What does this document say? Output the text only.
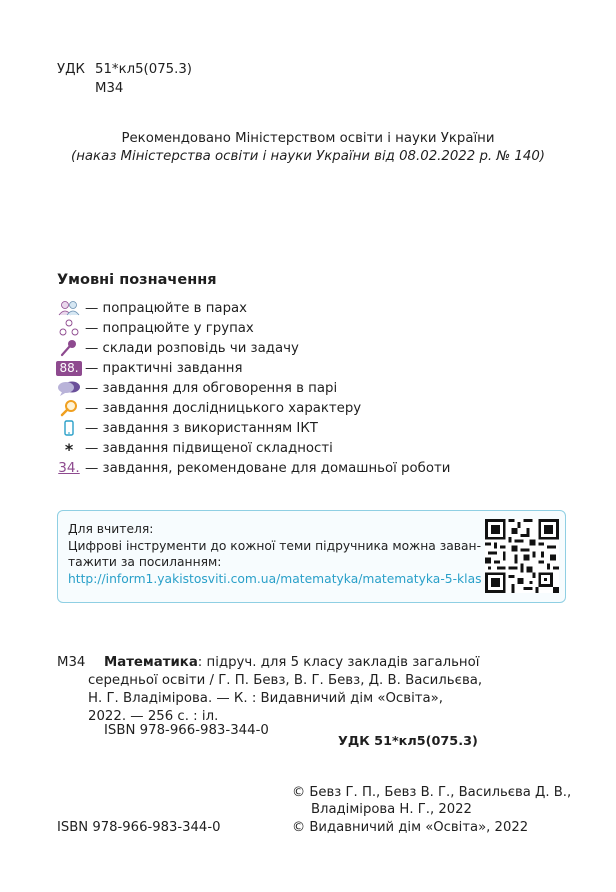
УДК 51*кл5(075.3)
М34
Рекомендовано Міністерством освіти і науки України
(наказ Міністерства освіти і науки України від 08.02.2022 р. № 140)
Умовні позначення
— попрацюйте в парах
— попрацюйте у групах
— склади розповідь чи задачу
88. — практичні завдання
— завдання для обговорення в парі
— завдання дослідницького характеру
— завдання з використанням ІКТ
* — завдання підвищеної складності
34. — завдання, рекомендоване для домашньої роботи
Для вчителя:
Цифрові інструменти до кожної теми підручника можна заван-
тажити за посиланням:
http://inform1.yakistosviti.com.ua/matematyka/matematyka-5-klas
М34 Математика: підруч. для 5 класу закладів загальної
середньої освіти / Г. П. Бевз, В. Г. Бевз, Д. В. Васильєва,
Н. Г. Владімірова. — К. : Видавничий дім «Освіта»,
2022. — 256 с. : іл.
ISBN 978-966-983-344-0
УДК 51*кл5(075.3)
© Бевз Г. П., Бевз В. Г., Васильєва Д. В.,
Владімірова Н. Г., 2022
ISBN 978-966-983-344-0	© Видавничий дім «Освіта», 2022
